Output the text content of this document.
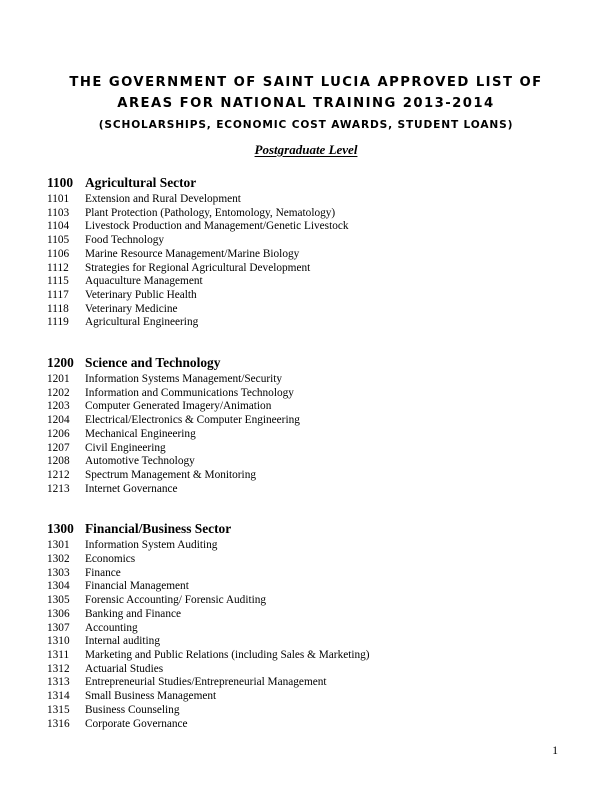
THE GOVERNMENT OF SAINT LUCIA APPROVED LIST OF
AREAS FOR NATIONAL TRAINING 2013-2014
(SCHOLARSHIPS, ECONOMIC COST AWARDS, STUDENT LOANS)
Postgraduate Level
1100 Agricultural Sector
1101	Extension and Rural Development
1103	Plant Protection (Pathology, Entomology, Nematology)
1104	Livestock Production and Management/Genetic Livestock
1105	Food Technology
1106	Marine Resource Management/Marine Biology
1112	Strategies for Regional Agricultural Development
1115	Aquaculture Management
1117	Veterinary Public Health
1118	Veterinary Medicine
1119	Agricultural Engineering
1200 Science and Technology
1201	Information Systems Management/Security
1202	Information and Communications Technology
1203	Computer Generated Imagery/Animation
1204	Electrical/Electronics & Computer Engineering
1206	Mechanical Engineering
1207	Civil Engineering
1208	Automotive Technology
1212	Spectrum Management & Monitoring
1213	Internet Governance
1300 Financial/Business Sector
1301	Information System Auditing
1302	Economics
1303	Finance
1304	Financial Management
1305	Forensic Accounting/ Forensic Auditing
1306	Banking and Finance
1307	Accounting
1310	Internal auditing
1311	Marketing and Public Relations (including Sales & Marketing)
1312	Actuarial Studies
1313	Entrepreneurial Studies/Entrepreneurial Management
1314	Small Business Management
1315	Business Counseling
1316	Corporate Governance
1
